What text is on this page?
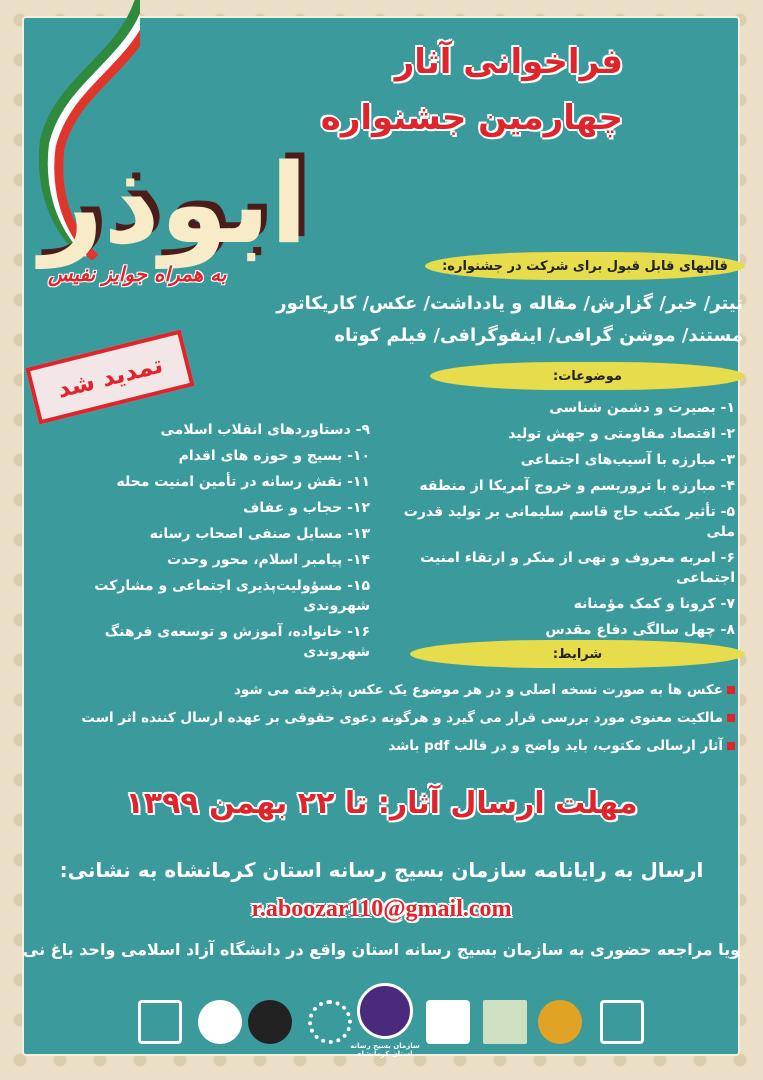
فراخوانی آثار
چهارمین جشنواره
ابوذر
به همراه جوایز نفیس
تمدید شد
قالبهای قابل قبول برای شرکت در جشنواره:
تیتر/ خبر/ گزارش/ مقاله و یادداشت/ عکس/ کاریکاتور
مستند/ موشن گرافی/ اینفوگرافی/ فیلم کوتاه
موضوعات:
۱- بصیرت و دشمن شناسی
۲- اقتصاد مقاومتی و جهش تولید
۳- مبارزه با آسیب‌های اجتماعی
۴- مبارزه با تروریسم و خروج آمریکا از منطقه
۵- تأثیر مکتب حاج قاسم سلیمانی بر تولید قدرت ملی
۶- امربه معروف و نهی از منکر و ارتقاء امنیت اجتماعی
۷- کرونا و کمک مؤمنانه
۸- چهل سالگی دفاع مقدس
۹- دستاوردهای انقلاب اسلامی
۱۰- بسیج و حوزه های اقدام
۱۱- نقش رسانه در تأمین امنیت محله
۱۲- حجاب و عفاف
۱۳- مسایل صنفی اصحاب رسانه
۱۴- پیامبر اسلام، محور وحدت
۱۵- مسؤولیت‌پذیری اجتماعی و مشارکت شهروندی
۱۶- خانواده، آموزش و توسعه‌ی فرهنگ شهروندی	شرایط:
عکس ها به صورت نسخه اصلی و در هر موضوع یک عکس پذیرفته می شود
مالکیت معنوی مورد بررسی قرار می گیرد و هرگونه دعوی حقوقی بر عهده ارسال کننده اثر است
آثار ارسالی مکتوب، باید واضح و در قالب pdf باشد
مهلت ارسال آثار: تا ۲۲ بهمن ۱۳۹۹
ارسال به رایانامه سازمان بسیج رسانه استان کرمانشاه به نشانی:
r.aboozar110@gmail.com
ویا مراجعه حضوری به سازمان بسیج رسانه استان واقع در دانشگاه آزاد اسلامی واحد باغ نی
سازمان بسیج رسانه استان کرمانشاه
